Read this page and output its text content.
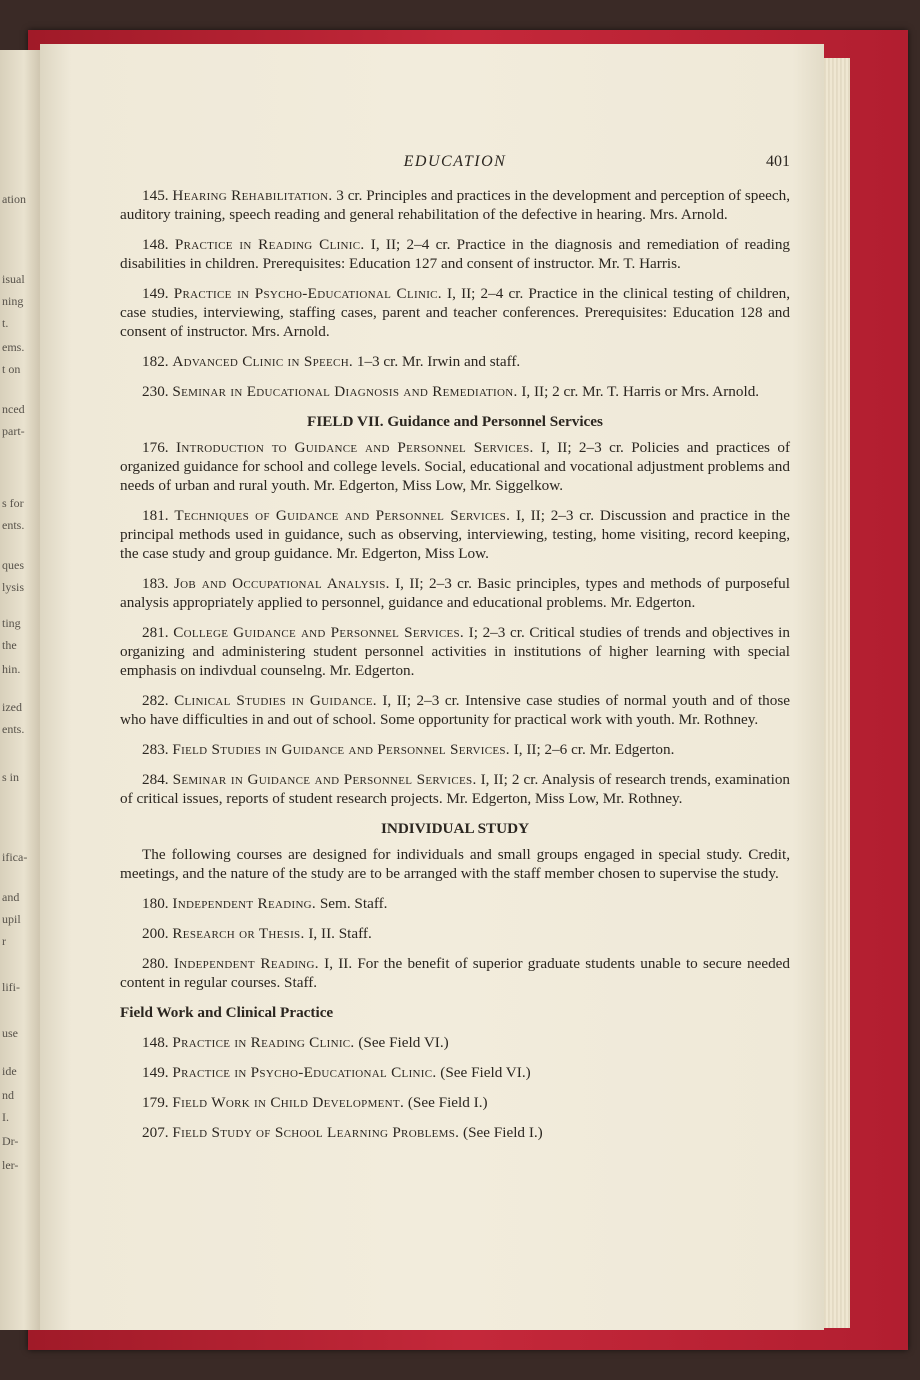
ation
isual
ning
t.
ems.
t on
nced
part-
s for
ents.
ques
lysis
ting
the
hin.
ized
ents.
s in
ifica-
and
upil
r
lifi-
use
ide
nd
I.
Dr-
ler-
EDUCATION	401

145. Hearing Rehabilitation. 3 cr. Principles and practices in the development and perception of speech, auditory training, speech reading and general rehabilitation of the defective in hearing. Mrs. Arnold.

148. Practice in Reading Clinic. I, II; 2–4 cr. Practice in the diagnosis and remediation of reading disabilities in children. Prerequisites: Education 127 and consent of instructor. Mr. T. Harris.

149. Practice in Psycho-Educational Clinic. I, II; 2–4 cr. Practice in the clinical testing of children, case studies, interviewing, staffing cases, parent and teacher conferences. Prerequisites: Education 128 and consent of instructor. Mrs. Arnold.

182. Advanced Clinic in Speech. 1–3 cr. Mr. Irwin and staff.

230. Seminar in Educational Diagnosis and Remediation. I, II; 2 cr. Mr. T. Harris or Mrs. Arnold.

FIELD VII. Guidance and Personnel Services

176. Introduction to Guidance and Personnel Services. I, II; 2–3 cr. Policies and practices of organized guidance for school and college levels. Social, educational and vocational adjustment problems and needs of urban and rural youth. Mr. Edgerton, Miss Low, Mr. Siggelkow.

181. Techniques of Guidance and Personnel Services. I, II; 2–3 cr. Discussion and practice in the principal methods used in guidance, such as observing, interviewing, testing, home visiting, record keeping, the case study and group guidance. Mr. Edgerton, Miss Low.

183. Job and Occupational Analysis. I, II; 2–3 cr. Basic principles, types and methods of purposeful analysis appropriately applied to personnel, guidance and educational problems. Mr. Edgerton.

281. College Guidance and Personnel Services. I; 2–3 cr. Critical studies of trends and objectives in organizing and administering student personnel activities in institutions of higher learning with special emphasis on indivdual counselng. Mr. Edgerton.

282. Clinical Studies in Guidance. I, II; 2–3 cr. Intensive case studies of normal youth and of those who have difficulties in and out of school. Some opportunity for practical work with youth. Mr. Rothney.

283. Field Studies in Guidance and Personnel Services. I, II; 2–6 cr. Mr. Edgerton.

284. Seminar in Guidance and Personnel Services. I, II; 2 cr. Analysis of research trends, examination of critical issues, reports of student research projects. Mr. Edgerton, Miss Low, Mr. Rothney.

INDIVIDUAL STUDY

The following courses are designed for individuals and small groups engaged in special study. Credit, meetings, and the nature of the study are to be arranged with the staff member chosen to supervise the study.

180. Independent Reading. Sem. Staff.

200. Research or Thesis. I, II. Staff.

280. Independent Reading. I, II. For the benefit of superior graduate students unable to secure needed content in regular courses. Staff.

Field Work and Clinical Practice

148. Practice in Reading Clinic. (See Field VI.)

149. Practice in Psycho-Educational Clinic. (See Field VI.)

179. Field Work in Child Development. (See Field I.)

207. Field Study of School Learning Problems. (See Field I.)
